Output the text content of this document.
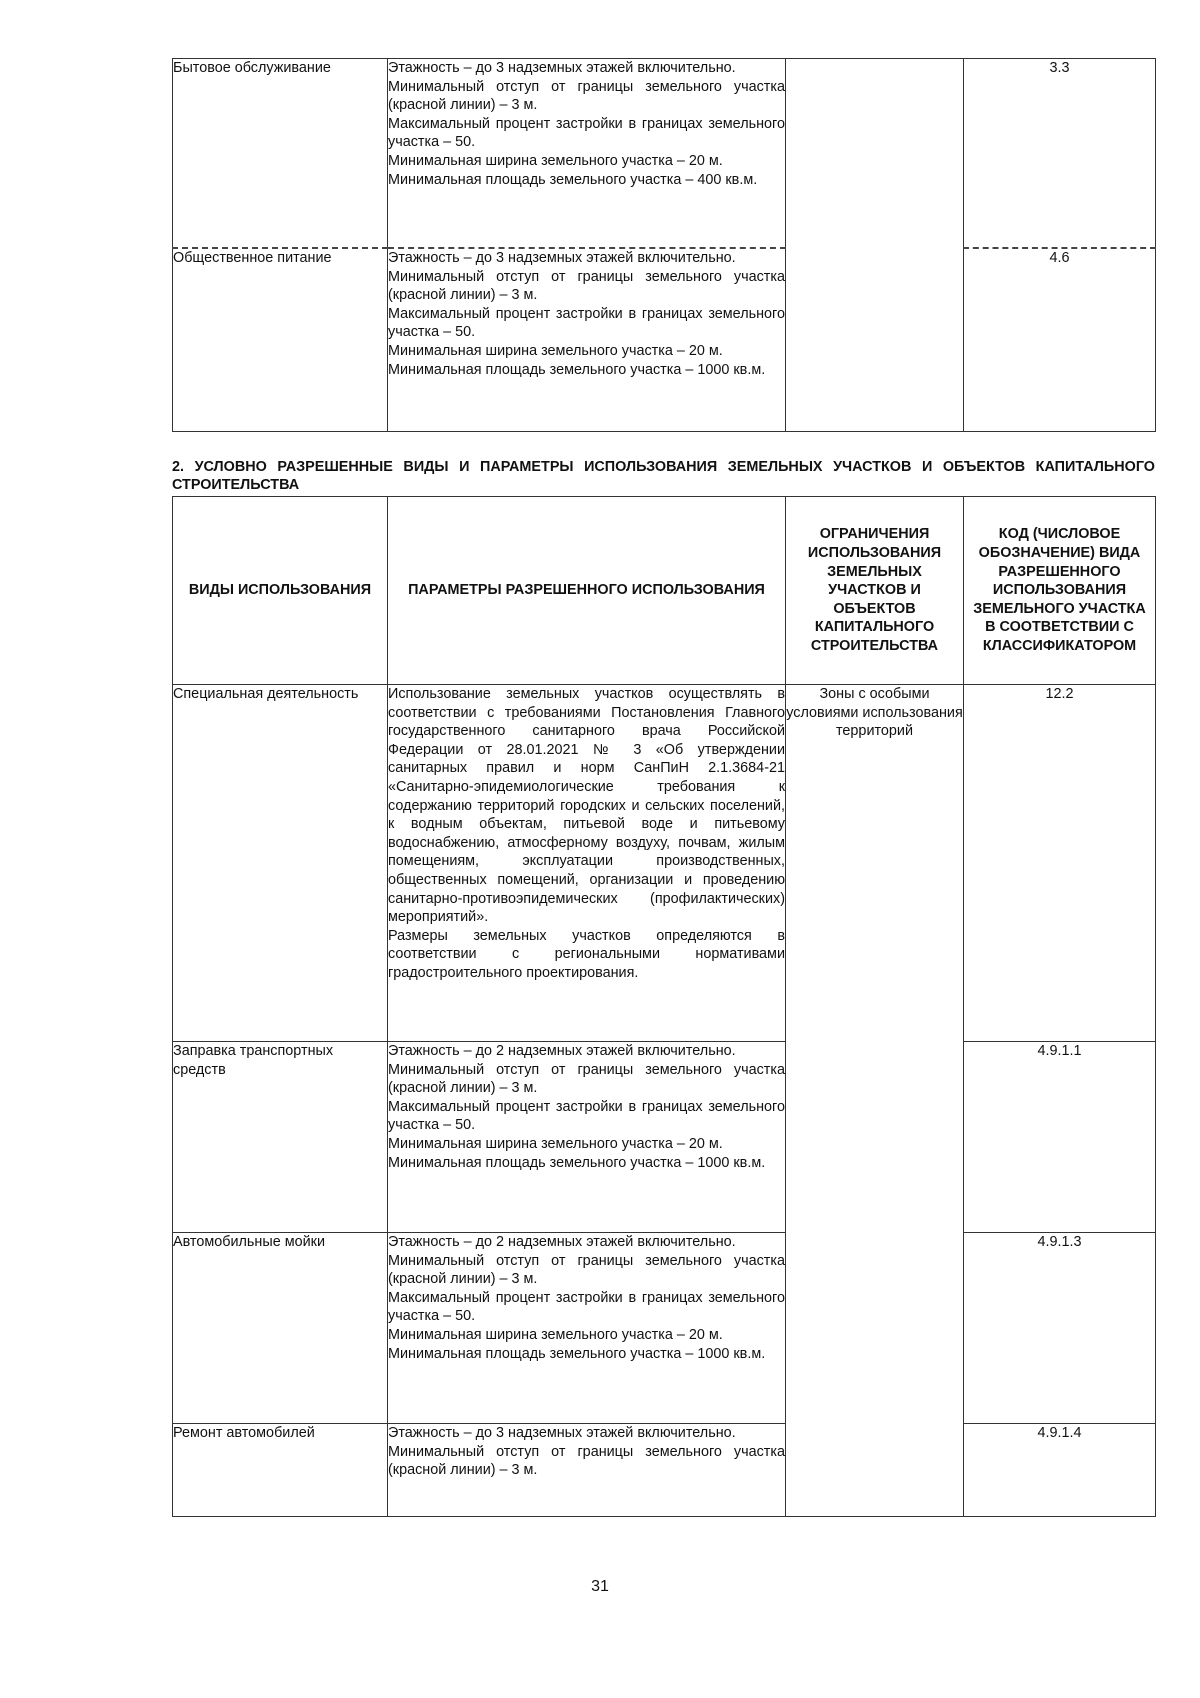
Бытовое обслуживание	Этажность – до 3 надземных этажей включительно.

Минимальный отступ от границы земельного участка (красной линии) – 3 м.

Максимальный процент застройки в границах земельного участка – 50.

Минимальная ширина земельного участка – 20 м.

Минимальная площадь земельного участка – 400 кв.м.		3.3
Общественное питание	Этажность – до 3 надземных этажей включительно.

Минимальный отступ от границы земельного участка (красной линии) – 3 м.

Максимальный процент застройки в границах земельного участка – 50.

Минимальная ширина земельного участка – 20 м.

Минимальная площадь земельного участка – 1000 кв.м.		4.6

2. УСЛОВНО РАЗРЕШЕННЫЕ ВИДЫ И ПАРАМЕТРЫ ИСПОЛЬЗОВАНИЯ ЗЕМЕЛЬНЫХ УЧАСТКОВ И ОБЪЕКТОВ КАПИТАЛЬНОГО СТРОИТЕЛЬСТВА

ВИДЫ ИСПОЛЬЗОВАНИЯ	ПАРАМЕТРЫ РАЗРЕШЕННОГО ИСПОЛЬЗОВАНИЯ	ОГРАНИЧЕНИЯ ИСПОЛЬЗОВАНИЯ ЗЕМЕЛЬНЫХ УЧАСТКОВ И ОБЪЕКТОВ КАПИТАЛЬНОГО СТРОИТЕЛЬСТВА	КОД (ЧИСЛОВОЕ ОБОЗНАЧЕНИЕ) ВИДА РАЗРЕШЕННОГО ИСПОЛЬЗОВАНИЯ ЗЕМЕЛЬНОГО УЧАСТКА В СООТВЕТСТВИИ С КЛАССИФИКАТОРОМ
Специальная деятельность	Использование земельных участков осуществлять в соответствии с требованиями Постановления Главного государственного санитарного врача Российской Федерации от 28.01.2021 № 3 «Об утверждении санитарных правил и норм СанПиН 2.1.3684-21 «Санитарно-эпидемиологические требования к содержанию территорий городских и сельских поселений, к водным объектам, питьевой воде и питьевому водоснабжению, атмосферному воздуху, почвам, жилым помещениям, эксплуатации производственных, общественных помещений, организации и проведению санитарно-противоэпидемических (профилактических) мероприятий».

Размеры земельных участков определяются в соответствии с региональными нормативами градостроительного проектирования.	Зоны с особыми условиями использования территорий	12.2
Заправка транспортных средств	Этажность – до 2 надземных этажей включительно.

Минимальный отступ от границы земельного участка (красной линии) – 3 м.

Максимальный процент застройки в границах земельного участка – 50.

Минимальная ширина земельного участка – 20 м.

Минимальная площадь земельного участка – 1000 кв.м.		4.9.1.1
Автомобильные мойки	Этажность – до 2 надземных этажей включительно.

Минимальный отступ от границы земельного участка (красной линии) – 3 м.

Максимальный процент застройки в границах земельного участка – 50.

Минимальная ширина земельного участка – 20 м.

Минимальная площадь земельного участка – 1000 кв.м.		4.9.1.3
Ремонт автомобилей	Этажность – до 3 надземных этажей включительно.

Минимальный отступ от границы земельного участка (красной линии) – 3 м.		4.9.1.4
31
